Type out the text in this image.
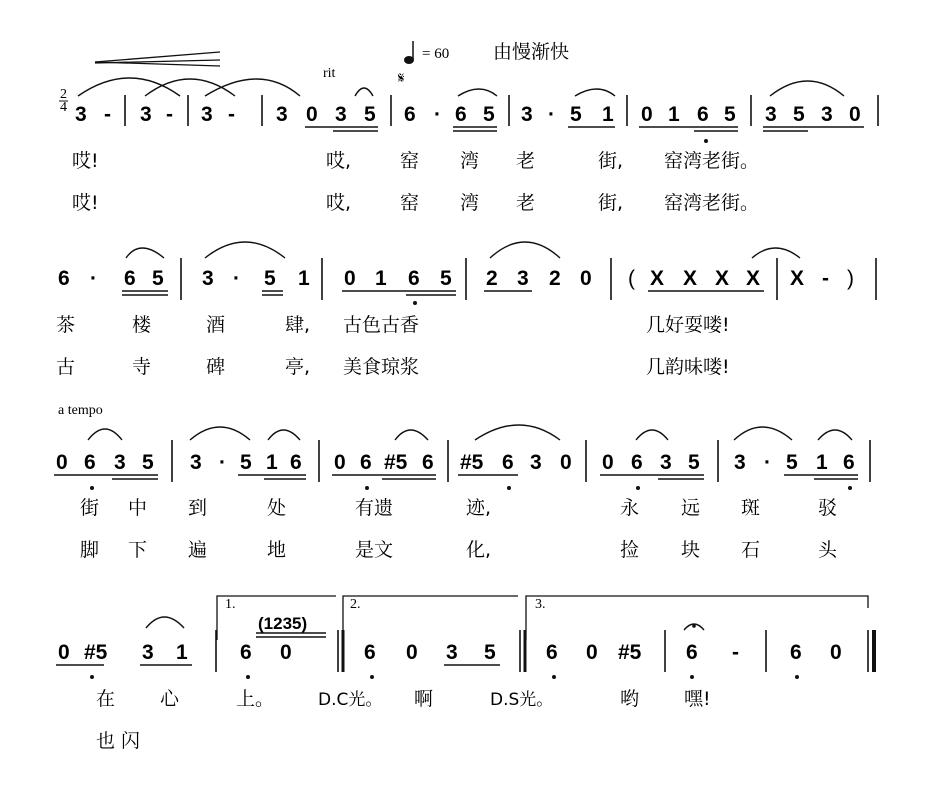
= 60 由慢渐快
rit	𝄋
2
4 3 - 3 - 3 - 3 0 3 5 6 · 6 5 3 · 5 1 0 1 6 5 3 5 3 0
哎!	哎,	窑 湾 老	街, 窑湾老街。
哎!	哎,	窑 湾 老	街, 窑湾老街。
6 · 6 5 3 · 5 1 0 1 6 5 2 3 2 0 ( X X X X X - )
茶	楼	酒	肆, 古色古香	几好耍喽!
古	寺	碑	亭, 美食琼浆	几韵味喽!
a tempo
0 6 3 5 3 · 5 1 6 0 6 #5 6 #5 6 3 0 0 6 3 5 3 · 5 1 6
街 中 到	处	有遗	迹,	永 远 斑	驳
脚 下 遍	地	是文	化,	捡 块 石	头
1.	2.	3.
0 #5 3 1 6 0
(1235)
6 0 3 5 6 0 #5 6 - 6 0
在 心	上。	D.C光。 啊	D.S光。	哟 嘿!
也闪
